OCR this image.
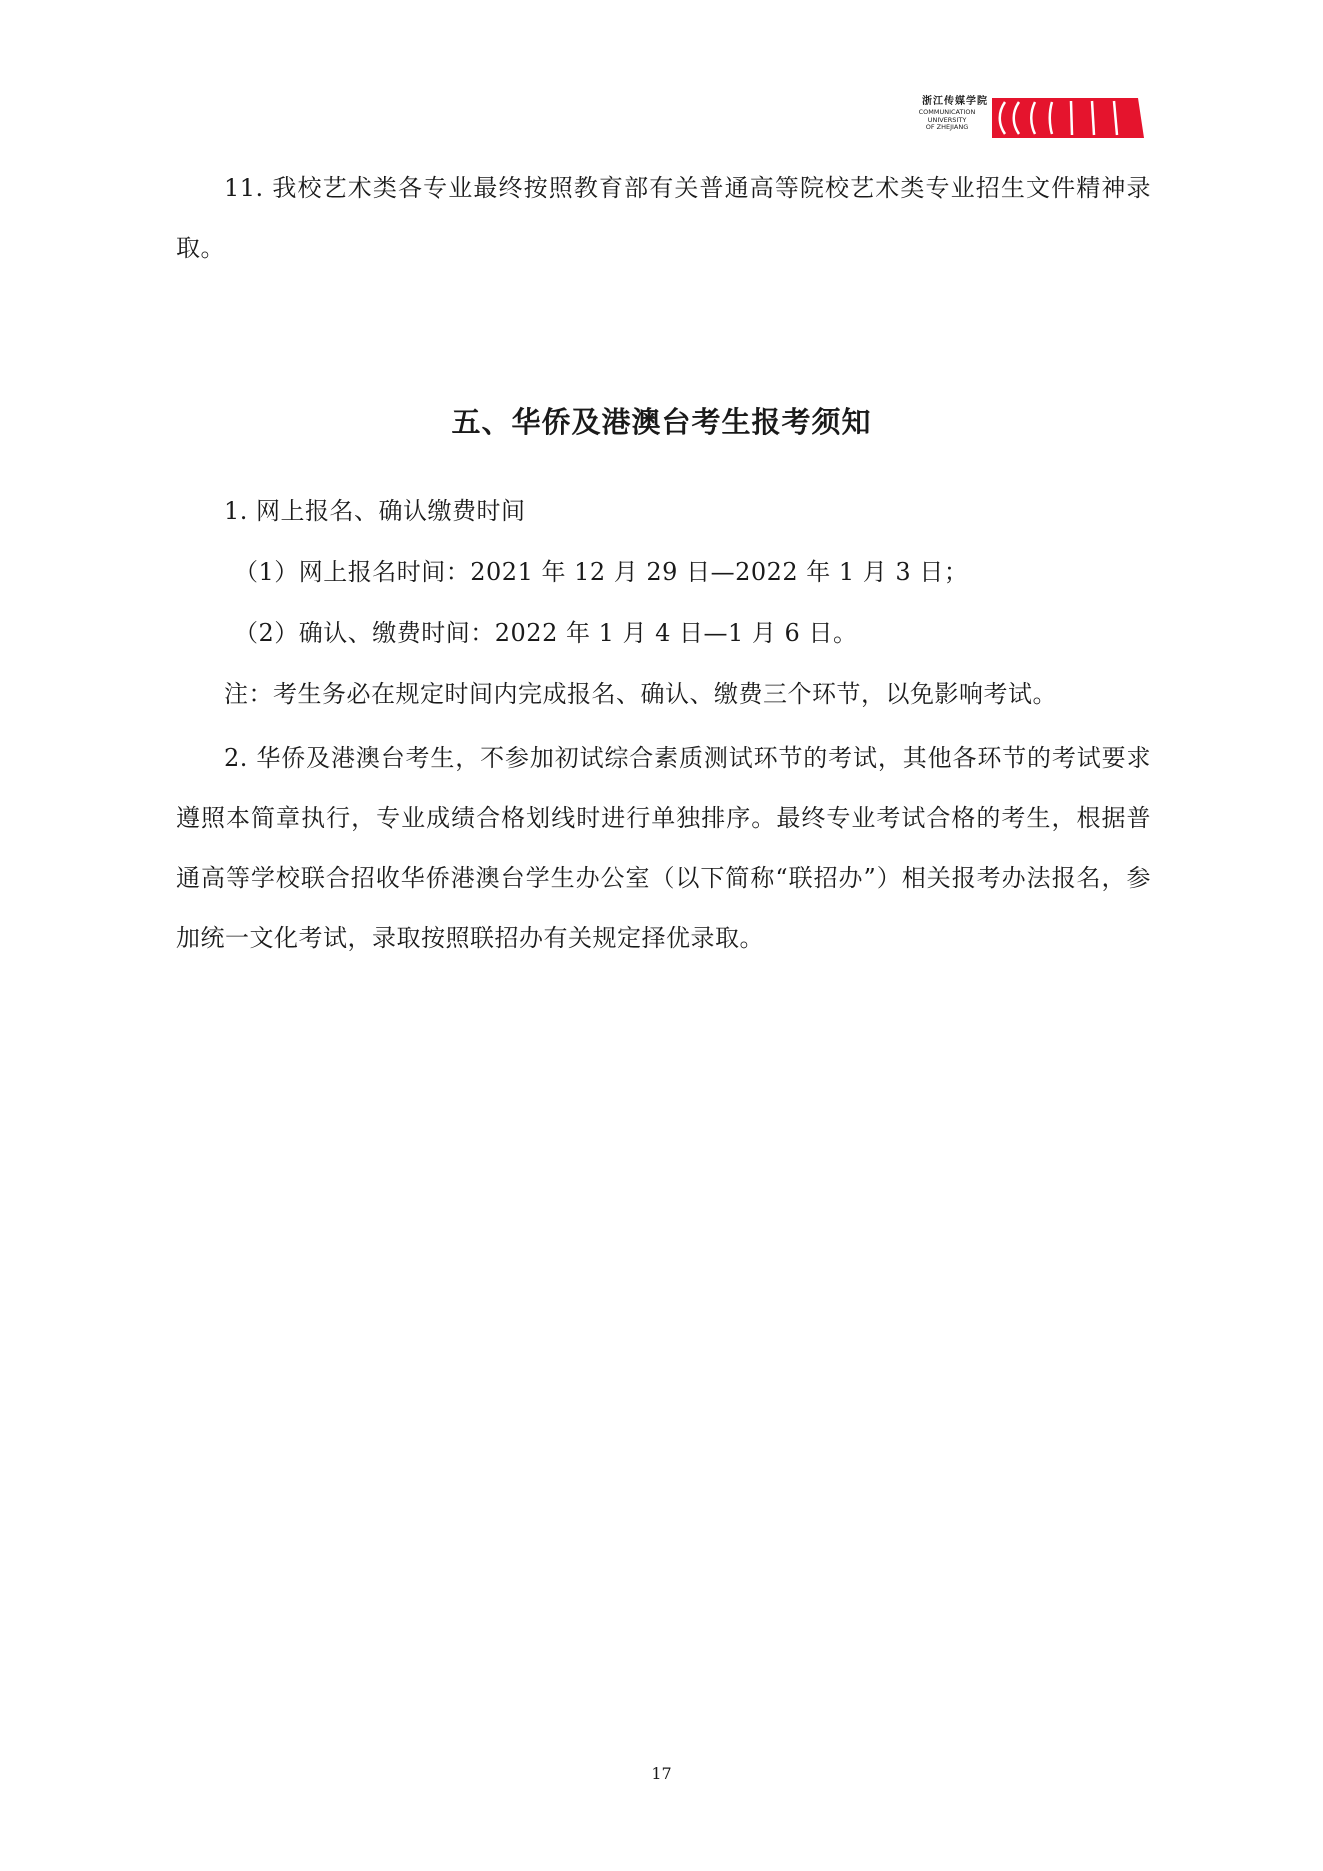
浙江传媒学院
COMMUNICATION
UNIVERSITY
OF ZHEJIANG

11. 我校艺术类各专业最终按照教育部有关普通高等院校艺术类专业招生文件精神录取。

五、华侨及港澳台考生报考须知

1. 网上报名、确认缴费时间

（1）网上报名时间：2021 年 12 月 29 日—2022 年 1 月 3 日；

（2）确认、缴费时间：2022 年 1 月 4 日—1 月 6 日。

注：考生务必在规定时间内完成报名、确认、缴费三个环节，以免影响考试。

2. 华侨及港澳台考生，不参加初试综合素质测试环节的考试，其他各环节的考试要求遵照本简章执行，专业成绩合格划线时进行单独排序。最终专业考试合格的考生，根据普通高等学校联合招收华侨港澳台学生办公室（以下简称“联招办”）相关报考办法报名，参加统一文化考试，录取按照联招办有关规定择优录取。

17
